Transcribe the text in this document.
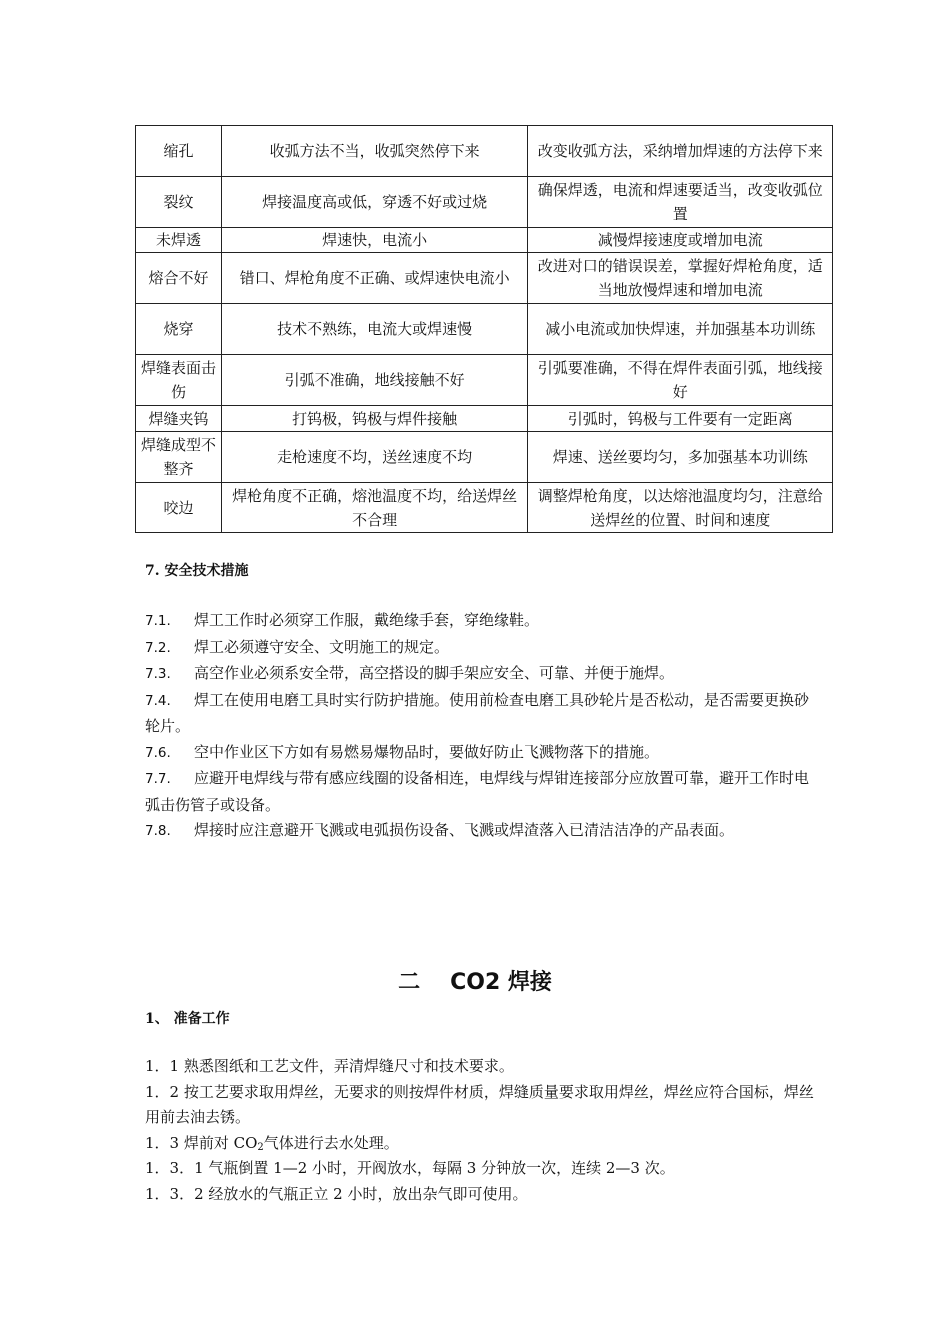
缩孔	收弧方法不当，收弧突然停下来	改变收弧方法，采纳增加焊速的方法停下来
裂纹	焊接温度高或低，穿透不好或过烧	确保焊透，电流和焊速要适当，改变收弧位置
未焊透	焊速快，电流小	减慢焊接速度或增加电流
熔合不好	错口、焊枪角度不正确、或焊速快电流小	改进对口的错误误差，掌握好焊枪角度，适当地放慢焊速和增加电流
烧穿	技术不熟练，电流大或焊速慢	减小电流或加快焊速，并加强基本功训练
焊缝表面击伤	引弧不准确，地线接触不好	引弧要准确，不得在焊件表面引弧，地线接好
焊缝夹钨	打钨极，钨极与焊件接触	引弧时，钨极与工件要有一定距离
焊缝成型不整齐	走枪速度不均，送丝速度不均	焊速、送丝要均匀，多加强基本功训练
咬边	焊枪角度不正确，熔池温度不均，给送焊丝不合理	调整焊枪角度，以达熔池温度均匀，注意给送焊丝的位置、时间和速度
7. 安全技术措施

7.1. 焊工工作时必须穿工作服，戴绝缘手套，穿绝缘鞋。

7.2. 焊工必须遵守安全、文明施工的规定。

7.3. 高空作业必须系安全带，高空搭设的脚手架应安全、可靠、并便于施焊。

7.4. 焊工在使用电磨工具时实行防护措施。使用前检查电磨工具砂轮片是否松动，是否需要更换砂轮片。

7.6. 空中作业区下方如有易燃易爆物品时，要做好防止飞溅物落下的措施。

7.7. 应避开电焊线与带有感应线圈的设备相连，电焊线与焊钳连接部分应放置可靠，避开工作时电弧击伤管子或设备。

7.8. 焊接时应注意避开飞溅或电弧损伤设备、飞溅或焊渣落入已清洁洁净的产品表面。

二 CO2 焊接
1、 准备工作

1．1 熟悉图纸和工艺文件，弄清焊缝尺寸和技术要求。

1．2 按工艺要求取用焊丝，无要求的则按焊件材质，焊缝质量要求取用焊丝，焊丝应符合国标，焊丝用前去油去锈。

1．3 焊前对 $CO_2$气体进行去水处理。

1．3．1 气瓶倒置 1—2 小时，开阀放水，每隔 3 分钟放一次，连续 2—3 次。

1．3．2 经放水的气瓶正立 2 小时，放出杂气即可使用。
